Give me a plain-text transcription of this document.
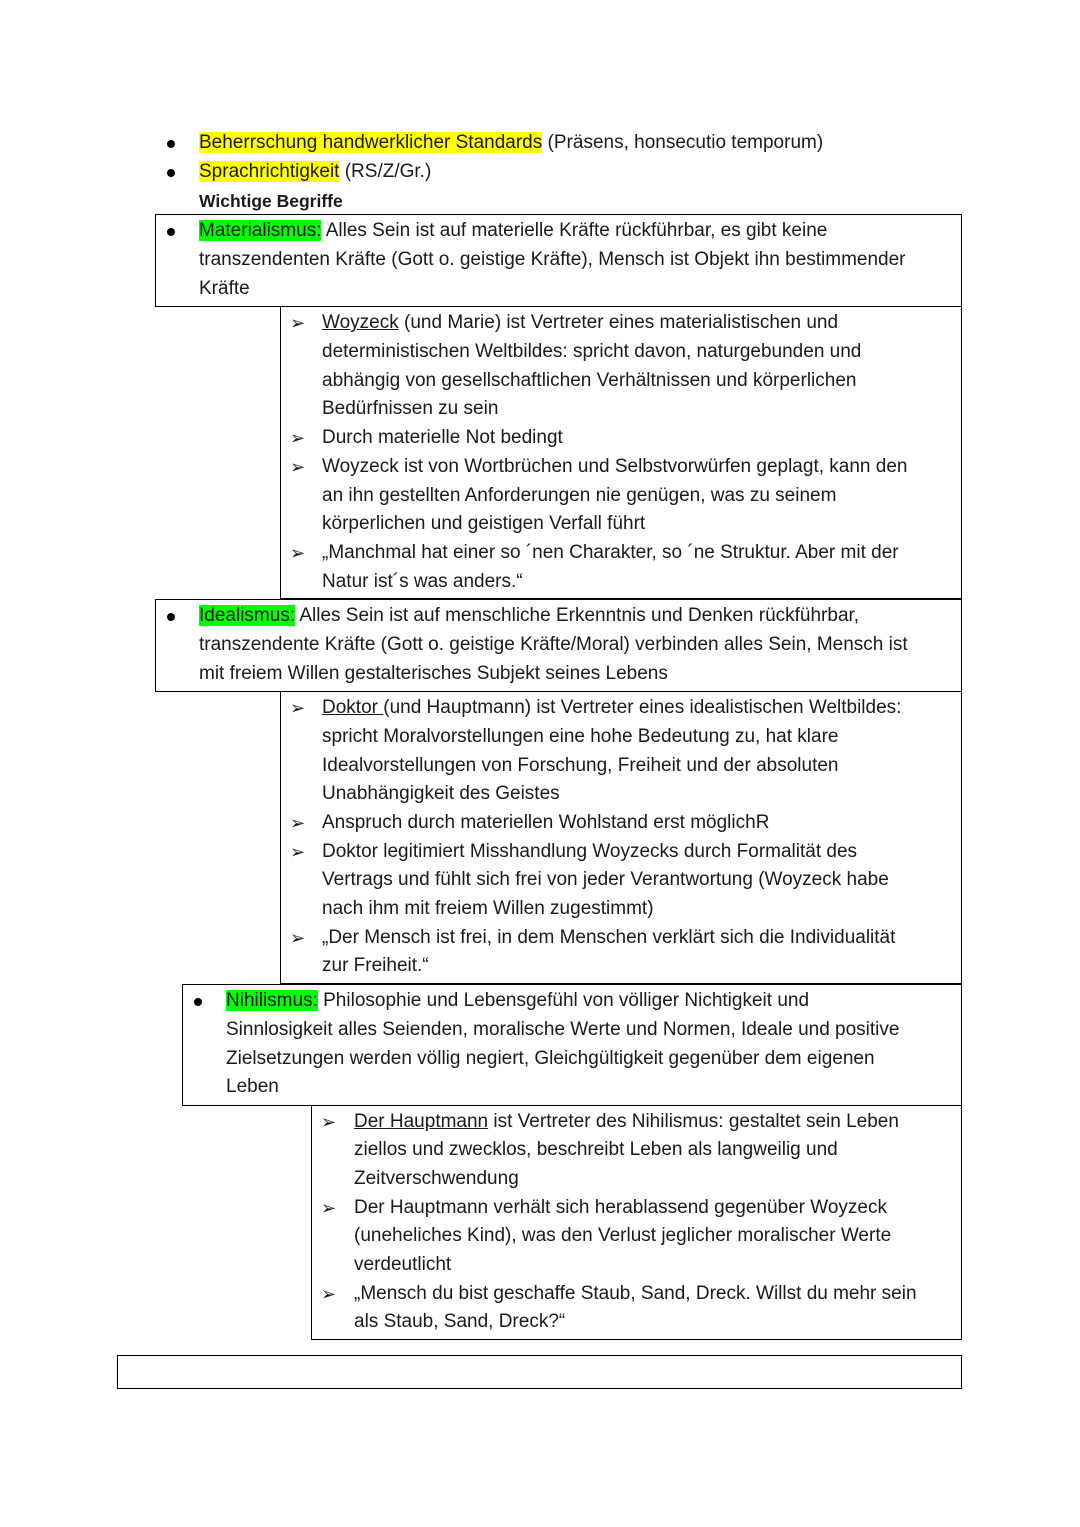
Beherrschung handwerklicher Standards (Präsens, honsecutio temporum)
Sprachrichtigkeit (RS/Z/Gr.)
Wichtige Begriffe
Materialismus: Alles Sein ist auf materielle Kräfte rückführbar, es gibt keine
transzendenten Kräfte (Gott o. geistige Kräfte), Mensch ist Objekt ihn bestimmender
Kräfte
➢ Woyzeck (und Marie) ist Vertreter eines materialistischen und
deterministischen Weltbildes: spricht davon, naturgebunden und
abhängig von gesellschaftlichen Verhältnissen und körperlichen
Bedürfnissen zu sein
➢ Durch materielle Not bedingt
➢ Woyzeck ist von Wortbrüchen und Selbstvorwürfen geplagt, kann den
an ihn gestellten Anforderungen nie genügen, was zu seinem
körperlichen und geistigen Verfall führt
➢ „Manchmal hat einer so ´nen Charakter, so ´ne Struktur. Aber mit der
Natur ist´s was anders.“
Idealismus: Alles Sein ist auf menschliche Erkenntnis und Denken rückführbar,
transzendente Kräfte (Gott o. geistige Kräfte/Moral) verbinden alles Sein, Mensch ist
mit freiem Willen gestalterisches Subjekt seines Lebens
➢ Doktor (und Hauptmann) ist Vertreter eines idealistischen Weltbildes:
spricht Moralvorstellungen eine hohe Bedeutung zu, hat klare
Idealvorstellungen von Forschung, Freiheit und der absoluten
Unabhängigkeit des Geistes
➢ Anspruch durch materiellen Wohlstand erst möglichR
➢ Doktor legitimiert Misshandlung Woyzecks durch Formalität des
Vertrags und fühlt sich frei von jeder Verantwortung (Woyzeck habe
nach ihm mit freiem Willen zugestimmt)
➢ „Der Mensch ist frei, in dem Menschen verklärt sich die Individualität
zur Freiheit.“
Nihilismus: Philosophie und Lebensgefühl von völliger Nichtigkeit und
Sinnlosigkeit alles Seienden, moralische Werte und Normen, Ideale und positive
Zielsetzungen werden völlig negiert, Gleichgültigkeit gegenüber dem eigenen
Leben
➢ Der Hauptmann ist Vertreter des Nihilismus: gestaltet sein Leben
ziellos und zwecklos, beschreibt Leben als langweilig und
Zeitverschwendung
➢ Der Hauptmann verhält sich herablassend gegenüber Woyzeck
(uneheliches Kind), was den Verlust jeglicher moralischer Werte
verdeutlicht
➢ „Mensch du bist geschaffe Staub, Sand, Dreck. Willst du mehr sein
als Staub, Sand, Dreck?“
